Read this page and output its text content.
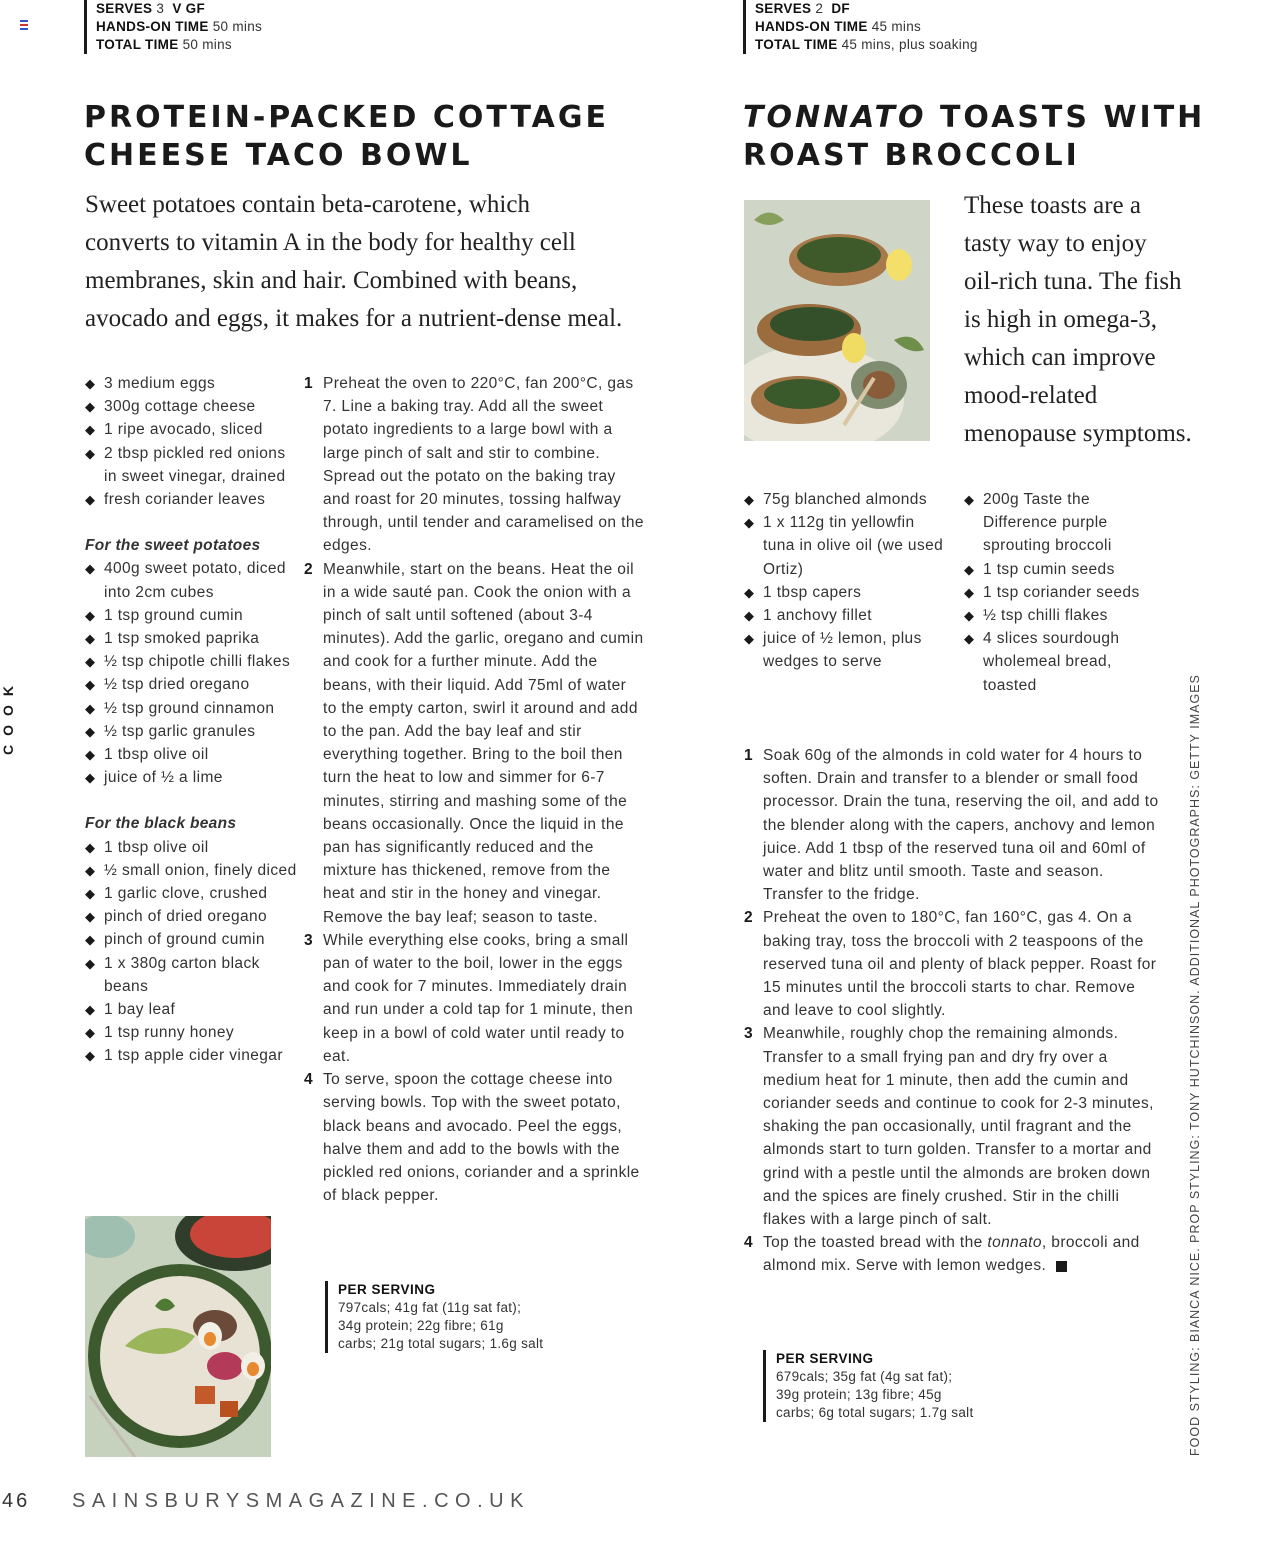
SERVES 3 V GF
HANDS-ON TIME 50 mins
TOTAL TIME 50 mins
SERVES 2 DF
HANDS-ON TIME 45 mins
TOTAL TIME 45 mins, plus soaking
PROTEIN-PACKED COTTAGE
CHEESE TACO BOWL
TONNATO TOASTS WITH
ROAST BROCCOLI
Sweet potatoes contain beta-carotene, which
converts to vitamin A in the body for healthy cell
membranes, skin and hair. Combined with beans,
avocado and eggs, it makes for a nutrient-dense meal.
These toasts are a
tasty way to enjoy
oil-rich tuna. The fish
is high in omega-3,
which can improve
mood-related
menopause symptoms.
◆ 3 medium eggs
◆ 300g cottage cheese
◆ 1 ripe avocado, sliced
◆ 2 tbsp pickled red onions in sweet vinegar, drained
◆ fresh coriander leaves
For the sweet potatoes
◆ 400g sweet potato, diced into 2cm cubes
◆ 1 tsp ground cumin
◆ 1 tsp smoked paprika
◆ ½ tsp chipotle chilli flakes
◆ ½ tsp dried oregano
◆ ½ tsp ground cinnamon
◆ ½ tsp garlic granules
◆ 1 tbsp olive oil
◆ juice of ½ a lime
For the black beans
◆ 1 tbsp olive oil
◆ ½ small onion, finely diced
◆ 1 garlic clove, crushed
◆ pinch of dried oregano
◆ pinch of ground cumin
◆ 1 x 380g carton black beans
◆ 1 bay leaf
◆ 1 tsp runny honey
◆ 1 tsp apple cider vinegar
1 Preheat the oven to 220°C, fan 200°C, gas 7. Line a baking tray. Add all the sweet potato ingredients to a large bowl with a large pinch of salt and stir to combine. Spread out the potato on the baking tray and roast for 20 minutes, tossing halfway through, until tender and caramelised on the edges.
2 Meanwhile, start on the beans. Heat the oil in a wide sauté pan. Cook the onion with a pinch of salt until softened (about 3-4 minutes). Add the garlic, oregano and cumin and cook for a further minute. Add the beans, with their liquid. Add 75ml of water to the empty carton, swirl it around and add to the pan. Add the bay leaf and stir everything together. Bring to the boil then turn the heat to low and simmer for 6-7 minutes, stirring and mashing some of the beans occasionally. Once the liquid in the pan has significantly reduced and the mixture has thickened, remove from the heat and stir in the honey and vinegar. Remove the bay leaf; season to taste.
3 While everything else cooks, bring a small pan of water to the boil, lower in the eggs and cook for 7 minutes. Immediately drain and run under a cold tap for 1 minute, then keep in a bowl of cold water until ready to eat.
4 To serve, spoon the cottage cheese into serving bowls. Top with the sweet potato, black beans and avocado. Peel the eggs, halve them and add to the bowls with the pickled red onions, coriander and a sprinkle of black pepper.
PER SERVING
797cals; 41g fat (11g sat fat);
34g protein; 22g fibre; 61g
carbs; 21g total sugars; 1.6g salt
◆ 75g blanched almonds
◆ 1 x 112g tin yellowfin tuna in olive oil (we used Ortiz)
◆ 1 tbsp capers
◆ 1 anchovy fillet
◆ juice of ½ lemon, plus wedges to serve
◆ 200g Taste the Difference purple sprouting broccoli
◆ 1 tsp cumin seeds
◆ 1 tsp coriander seeds
◆ ½ tsp chilli flakes
◆ 4 slices sourdough wholemeal bread, toasted
1 Soak 60g of the almonds in cold water for 4 hours to soften. Drain and transfer to a blender or small food processor. Drain the tuna, reserving the oil, and add to the blender along with the capers, anchovy and lemon juice. Add 1 tbsp of the reserved tuna oil and 60ml of water and blitz until smooth. Taste and season. Transfer to the fridge.
2 Preheat the oven to 180°C, fan 160°C, gas 4. On a baking tray, toss the broccoli with 2 teaspoons of the reserved tuna oil and plenty of black pepper. Roast for 15 minutes until the broccoli starts to char. Remove and leave to cool slightly.
3 Meanwhile, roughly chop the remaining almonds. Transfer to a small frying pan and dry fry over a medium heat for 1 minute, then add the cumin and coriander seeds and continue to cook for 2-3 minutes, shaking the pan occasionally, until fragrant and the almonds start to turn golden. Transfer to a mortar and grind with a pestle until the almonds are broken down and the spices are finely crushed. Stir in the chilli flakes with a large pinch of salt.
4 Top the toasted bread with the tonnato, broccoli and almond mix. Serve with lemon wedges.
PER SERVING
679cals; 35g fat (4g sat fat);
39g protein; 13g fibre; 45g
carbs; 6g total sugars; 1.7g salt
COOK	FOOD STYLING: BIANCA NICE. PROP STYLING: TONY HUTCHINSON. ADDITIONAL PHOTOGRAPHS: GETTY IMAGES
46 SAINSBURYSMAGAZINE.CO.UK
